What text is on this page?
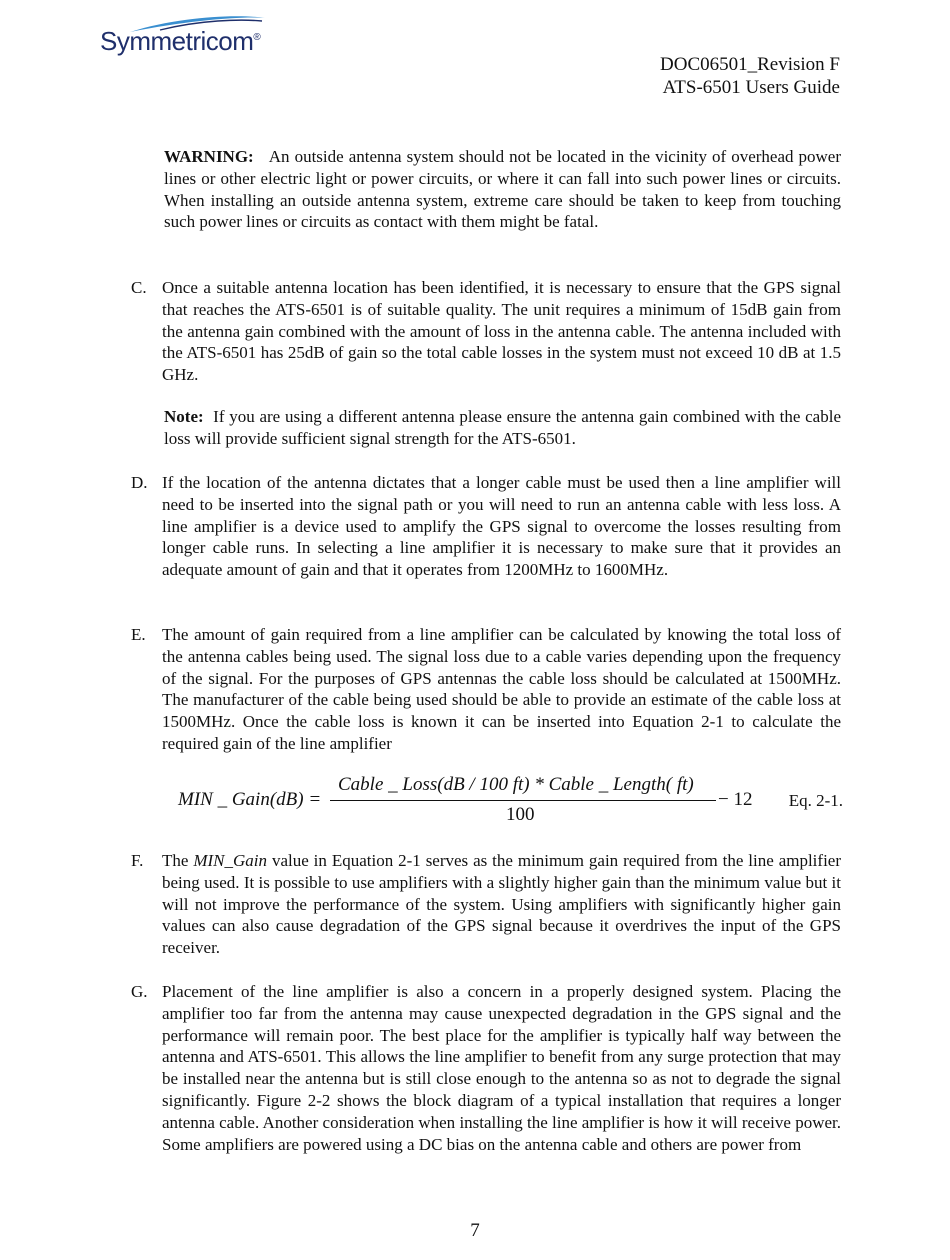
Symmetricom®
DOC06501_Revision F
ATS-6501 Users Guide
WARNING: An outside antenna system should not be located in the vicinity of overhead power lines or other electric light or power circuits, or where it can fall into such power lines or circuits. When installing an outside antenna system, extreme care should be taken to keep from touching such power lines or circuits as contact with them might be fatal.
C. Once a suitable antenna location has been identified, it is necessary to ensure that the GPS signal that reaches the ATS-6501 is of suitable quality. The unit requires a minimum of 15dB gain from the antenna gain combined with the amount of loss in the antenna cable. The antenna included with the ATS-6501 has 25dB of gain so the total cable losses in the system must not exceed 10 dB at 1.5 GHz.
Note: If you are using a different antenna please ensure the antenna gain combined with the cable loss will provide sufficient signal strength for the ATS-6501.
D. If the location of the antenna dictates that a longer cable must be used then a line amplifier will need to be inserted into the signal path or you will need to run an antenna cable with less loss. A line amplifier is a device used to amplify the GPS signal to overcome the losses resulting from longer cable runs. In selecting a line amplifier it is necessary to make sure that it provides an adequate amount of gain and that it operates from 1200MHz to 1600MHz.
E. The amount of gain required from a line amplifier can be calculated by knowing the total loss of the antenna cables being used. The signal loss due to a cable varies depending upon the frequency of the signal. For the purposes of GPS antennas the cable loss should be calculated at 1500MHz. The manufacturer of the cable being used should be able to provide an estimate of the cable loss at 1500MHz. Once the cable loss is known it can be inserted into Equation 2-1 to calculate the required gain of the line amplifier
MIN _ Gain(dB) =
Cable _ Loss(dB / 100 ft) * Cable _ Length( ft)
100
− 12 Eq. 2-1.
F. The MIN_Gain value in Equation 2-1 serves as the minimum gain required from the line amplifier being used. It is possible to use amplifiers with a slightly higher gain than the minimum value but it will not improve the performance of the system. Using amplifiers with significantly higher gain values can also cause degradation of the GPS signal because it overdrives the input of the GPS receiver.
G. Placement of the line amplifier is also a concern in a properly designed system. Placing the amplifier too far from the antenna may cause unexpected degradation in the GPS signal and the performance will remain poor. The best place for the amplifier is typically half way between the antenna and ATS-6501. This allows the line amplifier to benefit from any surge protection that may be installed near the antenna but is still close enough to the antenna so as not to degrade the signal significantly. Figure 2-2 shows the block diagram of a typical installation that requires a longer antenna cable. Another consideration when installing the line amplifier is how it will receive power. Some amplifiers are powered using a DC bias on the antenna cable and others are power from
7
